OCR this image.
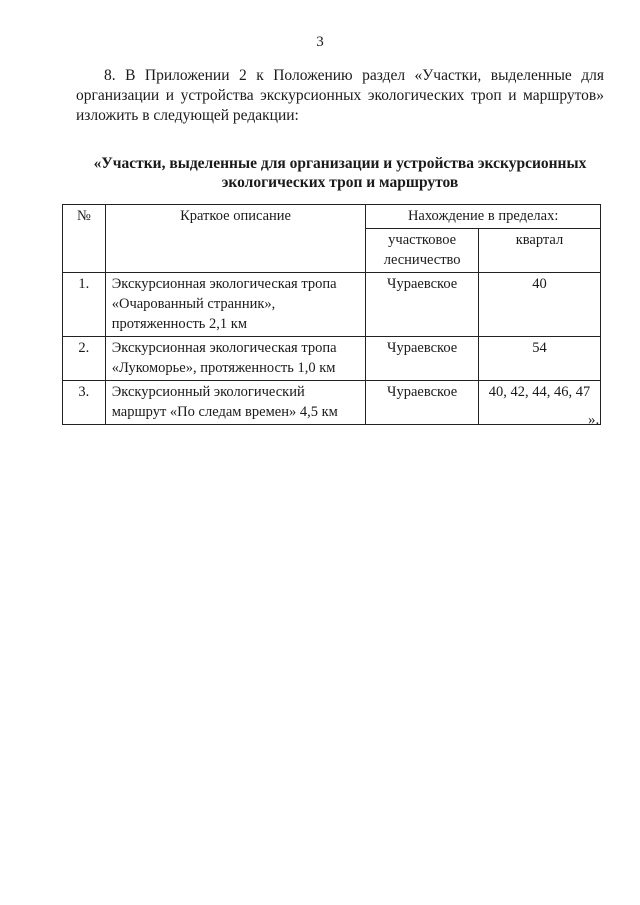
3

8. В Приложении 2 к Положению раздел «Участки, выделенные для организации и устройства экскурсионных экологических троп и маршрутов» изложить в следующей редакции:

«Участки, выделенные для организации и устройства экскурсионных
экологических троп и маршрутов
№	Краткое описание	Нахождение в пределах:	
		участковое лесничество	квартал
1.	Экскурсионная экологическая тропа «Очарованный странник», протяженность 2,1 км	Чураевское	40
2.	Экскурсионная экологическая тропа «Лукоморье», протяженность 1,0 км	Чураевское	54
3.	Экскурсионный экологический маршрут «По следам времен» 4,5 км	Чураевское	40, 42, 44, 46, 47
».
